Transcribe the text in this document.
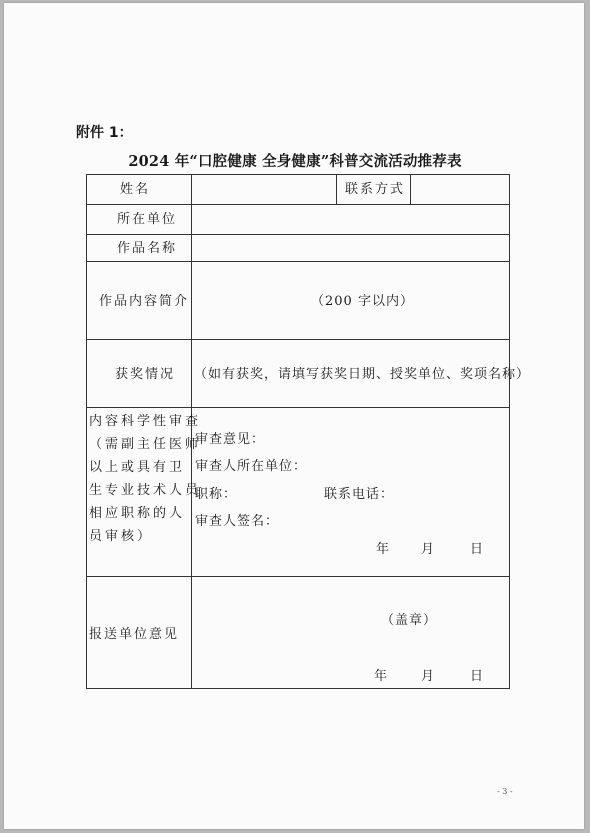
附件 1：
2024 年“口腔健康 全身健康”科普交流活动推荐表
姓名	联系方式
所在单位
作品名称
作品内容简介	（200 字以内）
获奖情况 （如有获奖，请填写获奖日期、授奖单位、奖项名称）
内容科学性审查
（需副主任医师
以上或具有卫
生专业技术人员
相应职称的人
员审核）
审查意见：
审查人所在单位：
职称：	联系电话：
审查人签名：
年 月	日
报送单位意见
（盖章）
年	月	日
- 3 -
